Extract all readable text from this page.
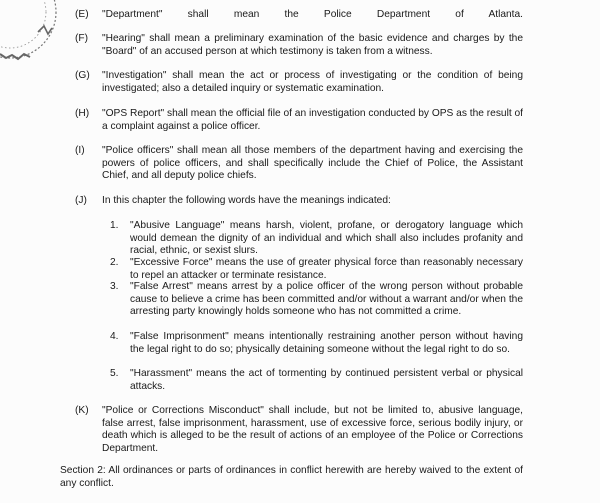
(E) "Department" shall mean the Police Department of Atlanta.
(F) "Hearing" shall mean a preliminary examination of the basic evidence and charges by the "Board" of an accused person at which testimony is taken from a witness.
(G) "Investigation" shall mean the act or process of investigating or the condition of being investigated; also a detailed inquiry or systematic examination.
(H) "OPS Report" shall mean the official file of an investigation conducted by OPS as the result of a complaint against a police officer.
(I) "Police officers" shall mean all those members of the department having and exercising the powers of police officers, and shall specifically include the Chief of Police, the Assistant Chief, and all deputy police chiefs.
(J) In this chapter the following words have the meanings indicated:
1. "Abusive Language" means harsh, violent, profane, or derogatory language which would demean the dignity of an individual and which shall also includes profanity and racial, ethnic, or sexist slurs.
2. "Excessive Force" means the use of greater physical force than reasonably necessary to repel an attacker or terminate resistance.
3. "False Arrest" means arrest by a police officer of the wrong person without probable cause to believe a crime has been committed and/or without a warrant and/or when the arresting party knowingly holds someone who has not committed a crime.
4. "False Imprisonment" means intentionally restraining another person without having the legal right to do so; physically detaining someone without the legal right to do so.
5. "Harassment" means the act of tormenting by continued persistent verbal or physical attacks.
(K) "Police or Corrections Misconduct" shall include, but not be limited to, abusive language, false arrest, false imprisonment, harassment, use of excessive force, serious bodily injury, or death which is alleged to be the result of actions of an employee of the Police or Corrections Department.
Section 2: All ordinances or parts of ordinances in conflict herewith are hereby waived to the extent of any conflict.
